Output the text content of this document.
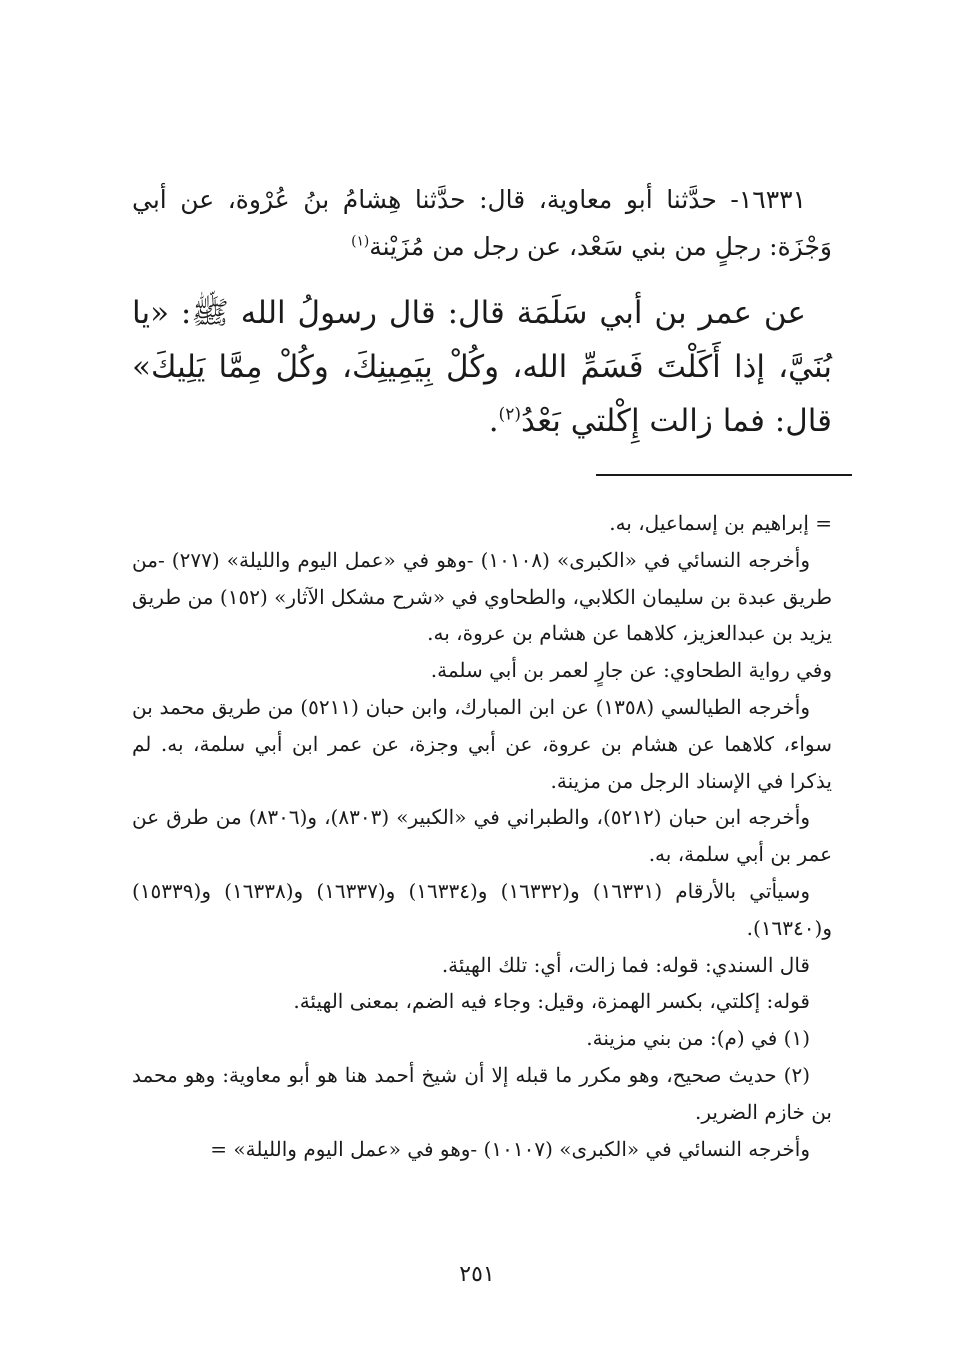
١٦٣٣١- حدَّثنا أبو معاوية، قال: حدَّثنا هِشامُ بنُ عُرْوة، عن أبي وَجْزَة: رجلٍ من بني سَعْد، عن رجل من مُزَيْنة$^{(١)}$

عن عمر بن أبي سَلَمَة قال: قال رسولُ الله ﷺ: «يا بُنَيَّ، إذا أَكَلْتَ فَسَمِّ الله، وكُلْ بِيَمِينِكَ، وكُلْ مِمَّا يَلِيكَ» قال: فما زالت إِكْلتي بَعْدُ$^{(٢)}$.

= إبراهيم بن إسماعيل، به.

وأخرجه النسائي في «الكبرى» (١٠١٠٨) -وهو في «عمل اليوم والليلة» (٢٧٧) -من طريق عبدة بن سليمان الكلابي، والطحاوي في «شرح مشكل الآثار» (١٥٢) من طريق يزيد بن عبدالعزيز، كلاهما عن هشام بن عروة، به.

وفي رواية الطحاوي: عن جارٍ لعمر بن أبي سلمة.

وأخرجه الطيالسي (١٣٥٨) عن ابن المبارك، وابن حبان (٥٢١١) من طريق محمد بن سواء، كلاهما عن هشام بن عروة، عن أبي وجزة، عن عمر ابن أبي سلمة، به. لم يذكرا في الإسناد الرجل من مزينة.

وأخرجه ابن حبان (٥٢١٢)، والطبراني في «الكبير» (٨٣٠٣)، و(٨٣٠٦) من طرق عن عمر بن أبي سلمة، به.

وسيأتي بالأرقام (١٦٣٣١) و(١٦٣٣٢) و(١٦٣٣٤) و(١٦٣٣٧) و(١٦٣٣٨) و(١٥٣٣٩) و(١٦٣٤٠).

قال السندي: قوله: فما زالت، أي: تلك الهيئة.

قوله: إكلتي، بكسر الهمزة، وقيل: وجاء فيه الضم، بمعنى الهيئة.

(١) في (م): من بني مزينة.

(٢) حديث صحيح، وهو مكرر ما قبله إلا أن شيخ أحمد هنا هو أبو معاوية: وهو محمد بن خازم الضرير.

وأخرجه النسائي في «الكبرى» (١٠١٠٧) -وهو في «عمل اليوم والليلة» =

٢٥١
